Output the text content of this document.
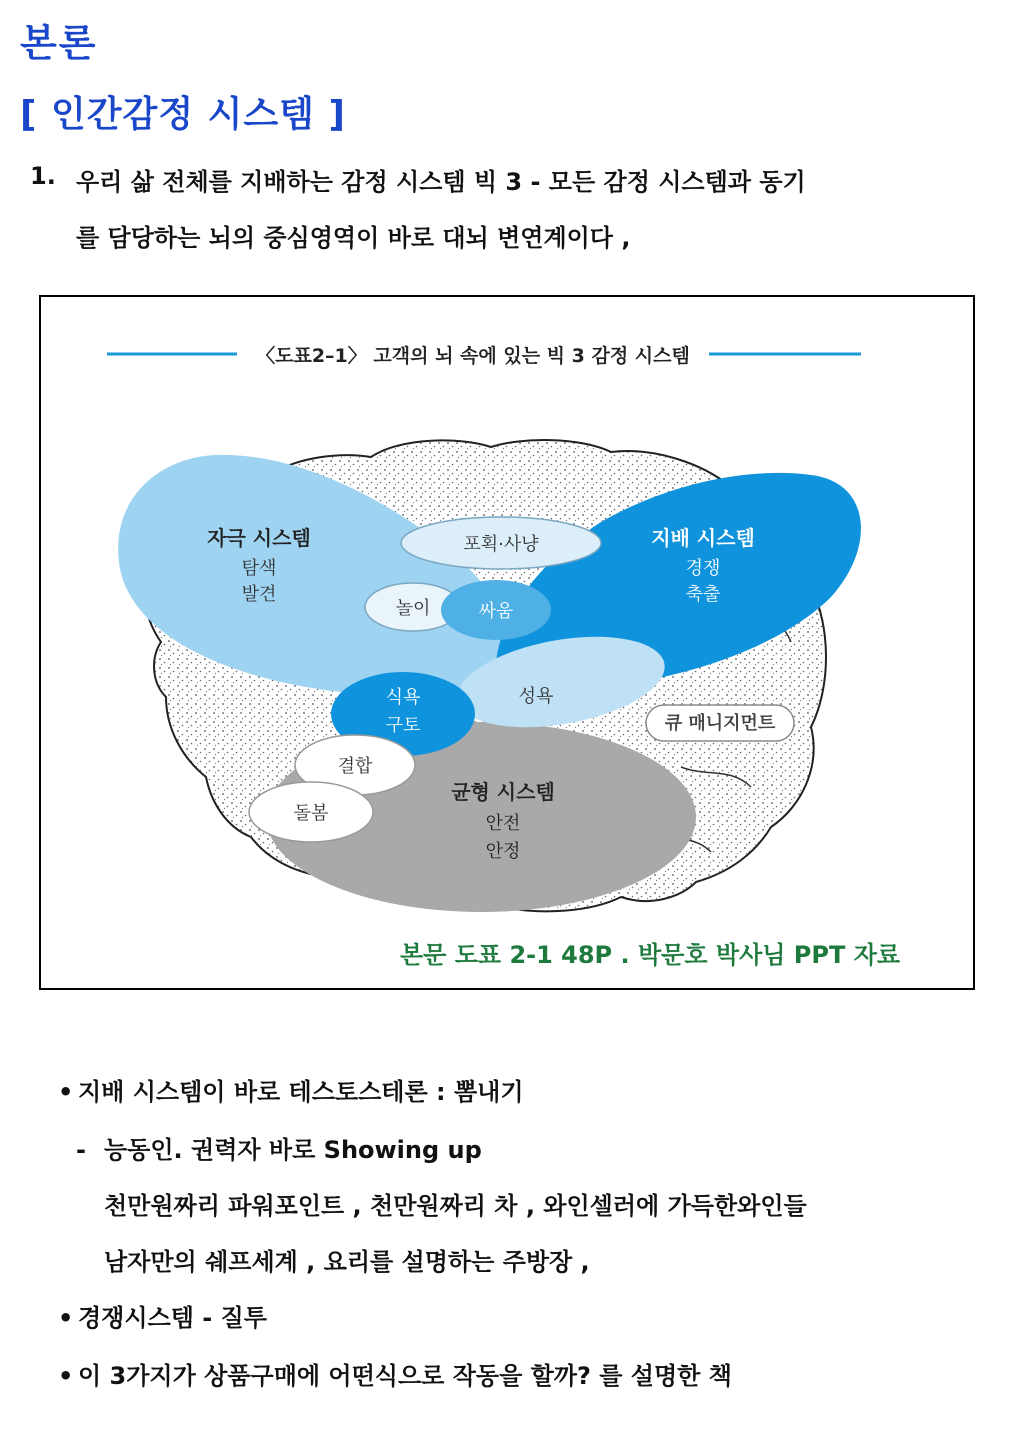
본론
[ 인간감정 시스템 ]
1. 우리 삶 전체를 지배하는 감정 시스템 빅 3 - 모든 감정 시스템과 동기
를 담당하는 뇌의 중심영역이 바로 대뇌 변연계이다 ,
〈도표2–1〉 고객의 뇌 속에 있는 빅 3 감정 시스템
큐 매니지먼트
포획·사냥
놀이	싸움
성욕
식욕
구토
결합
돌봄
자극 시스템
탐색
발견
지배 시스템
경쟁
축출
균형 시스템
안전
안정
본문 도표 2-1 48P . 박문호 박사님 PPT 자료
• 지배 시스템이 바로 테스토스테론 : 뽐내기
- 능동인. 권력자 바로 Showing up
천만원짜리 파워포인트 , 천만원짜리 차 , 와인셀러에 가득한와인들
남자만의 쉐프세계 , 요리를 설명하는 주방장 ,
• 경쟁시스템 - 질투
• 이 3가지가 상품구매에 어떤식으로 작동을 할까? 를 설명한 책
